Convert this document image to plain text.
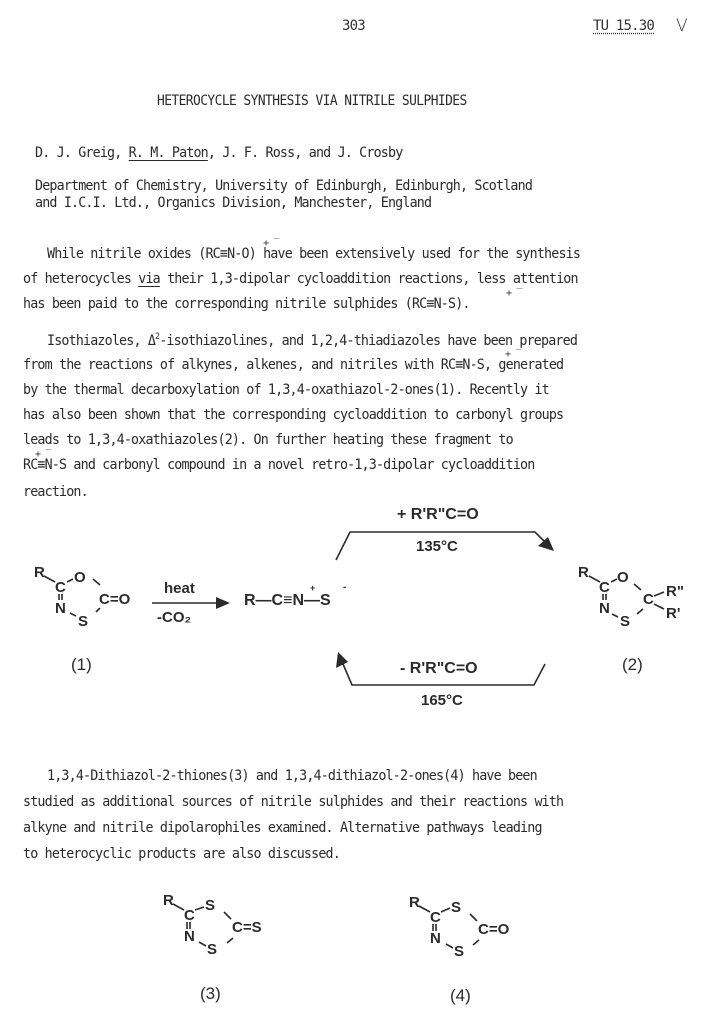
303	TU 15.30 V
HETEROCYCLE SYNTHESIS VIA NITRILE SULPHIDES
D. J. Greig, R. M. Paton, J. F. Ross, and J. Crosby
Department of Chemistry, University of Edinburgh, Edinburgh, Scotland
and I.C.I. Ltd., Organics Division, Manchester, England
While nitrile oxides (RC≡N-O) have been extensively used for the synthesis
of heterocycles via their 1,3-dipolar cycloaddition reactions, less attention
has been paid to the corresponding nitrile sulphides (RC≡N-S).
Isothiazoles, $\Delta^2$-isothiazolines, and 1,2,4-thiadiazoles have been prepared
from the reactions of alkynes, alkenes, and nitriles with RC≡N-S, generated
by the thermal decarboxylation of 1,3,4-oxathiazol-2-ones(1). Recently it
has also been shown that the corresponding cycloaddition to carbonyl groups
leads to 1,3,4-oxathiazoles(2). On further heating these fragment to
RC≡N-S and carbonyl compound in a novel retro-1,3-dipolar cycloaddition
reaction.
+ ‾
+ ‾
+ ‾
+ ‾
R
C
O
C=O
N
S
(1)
heat
-CO₂
R—C≡N—S
+	-
+ R'R"C=O
135°C
- R'R"C=O
165°C
R
C
O
C R"
R'
N
S
(2)
1,3,4-Dithiazol-2-thiones(3) and 1,3,4-dithiazol-2-ones(4) have been
studied as additional sources of nitrile sulphides and their reactions with
alkyne and nitrile dipolarophiles examined. Alternative pathways leading
to heterocyclic products are also discussed.
R
C
S
C=S
N
S
(3)
R
C
S
C=O
N
S
(4)
